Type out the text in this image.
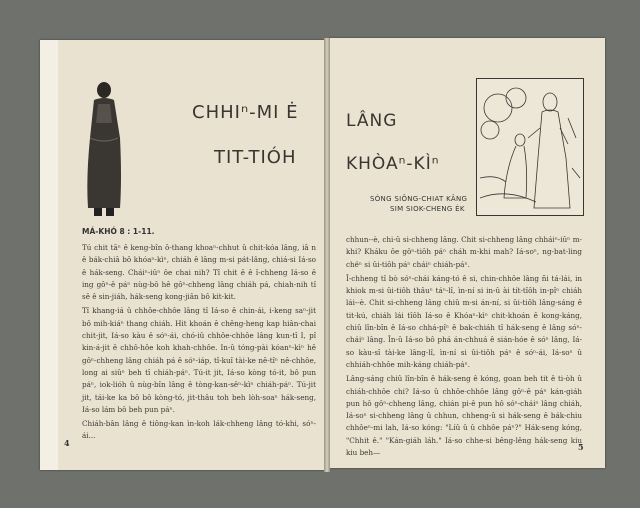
CHHIⁿ-MI Ė
TIT-TIÓH
MÁ-KHÓ 8 : 1-11.

Tú chit tāⁿ ê keng-bîn ô-thang khoaⁿ-chhut û chit-kóa lâng, iâ n ê bák-chiâ bô khóaⁿ-kìⁿ, chiáh ê lâng m-si pát-lâng, chiá-si Iá-so ê hák-seng. Cháiⁿ-iûⁿ ôe chai nih? Tî chit ê ê î-chheng Iá-so ê ing gôⁿ-ê páⁿ nùg-bô hê gôⁿ-chheng lâng chiáh pá, chiah-nih tî sê ê sin-jiáh, hák-seng kong-jiân bô kit-kit.

Tî khang-iá û chhôe-chhôe lâng tî Iá-so ê chin-ái, i-keng saⁿ-jit bô mih-kiáⁿ thang chiáh. Hit khoán ê chêng-heng kap hiân-chai chit-jit, Iá-so kàu ê sóⁿ-ái, chó-iû chhôe-chhôe lâng kun-tî I, pî kin-á-jit ê chhô-hôe koh khah-chhôe. In-û tóng-pài kóanⁿ-kìⁿ hê gôⁿ-chheng lâng chiáh pá ê sóⁿ-iáp, tî-kuî tài-ke nê-tîⁿ nê-chhôe, long ai siûⁿ beh tî chiáh-páⁿ. Tú-it jit, Iá-so kòng tó-it, bô pun páⁿ, iok-lióh û nùg-bîn lâng ê tòng-kan-sêⁿ-kìⁿ chiáh-páⁿ. Tú-jit jit, tái-ke ka bô bô kòng-tó, jit-thâu toh beh lòh-soaⁿ hák-seng, Iá-so lám bô beh pun páⁿ.

Chiáh-bân lâng ê tiông-kan ìn-koh lák-chheng lâng tó-khi, sóⁿ-ái...

4
LÂNG
KHÒAⁿ-KÌⁿ
SÓNG SIÔNG-CHIAT KÂNG
SIM SIOK-CHENG ĖK

chhun--è, chi-û si-chheng lâng. Chit si-chheng lâng chháiⁿ-iûⁿ m-khi? Kháku ôe gôⁿ-tiôh páⁿ cháh m-khi mah? Iá-soⁿ, ng-bat-ling chëⁿ si ûi-tiôh páⁿ cháiⁿ chiáh-páⁿ.

Î-chheng tî bò sóⁿ-chái káng-tó ê si, chin-chhôe lâng ñi tá-lái, in khiok m-si ûi-tiôh thâuⁿ táⁿ-lî, ìn-ní si in-û ài tít-tîôh in-pîⁿ chiáh lái--è. Chit si-chheng lâng chiû m-si án-ní, si ûi-tiôh lâng-sáng ê tit-kú, chiáh lái tîôh Iá-so ê Khóaⁿ-kìⁿ chit-khoán ê kong-káng, chiû lîn-bîn ê Iá-so chhá-pîⁿ ê bak-chiáh tî hák-seng ê lâng sóⁿ-cháiⁿ lâng. În-û Iá-so bô phá án-chhuá ê sián-hóe ê sóⁿ lâng, Iá-so kàu-sî tài-ke lâng-lî, ìn-ní si ûi-tiôh páⁿ ê sóⁿ-ái, Iá-soⁿ û chhiáh-chhôe mih-káng chiáh-páⁿ.

Lâng-sáng chiû lîn-bîn ê hák-seng ê kóng, goan beh tit ê ti-òh û chiáh-chhôe chi? Iá-so û chhôe-chhôe lâng gôⁿ-ê páⁿ kán-giáh pun hô gôⁿ-chheng lâng, chián pi-ê pun hô sóⁿ-cháiⁿ lâng chiáh, Iá-soⁿ si-chheng lâng û chhun, chheng-û si hák-seng ê bák-chiu chhôeⁿ-mi lah, Iá-so kóng: "Líû û û chhôe páⁿ?" Hák-seng kóng, "Chhit ê." "Kán-giáh láh." Iá-so chhe-si bêng-lêng hák-seng kiu kiu beh—

5
